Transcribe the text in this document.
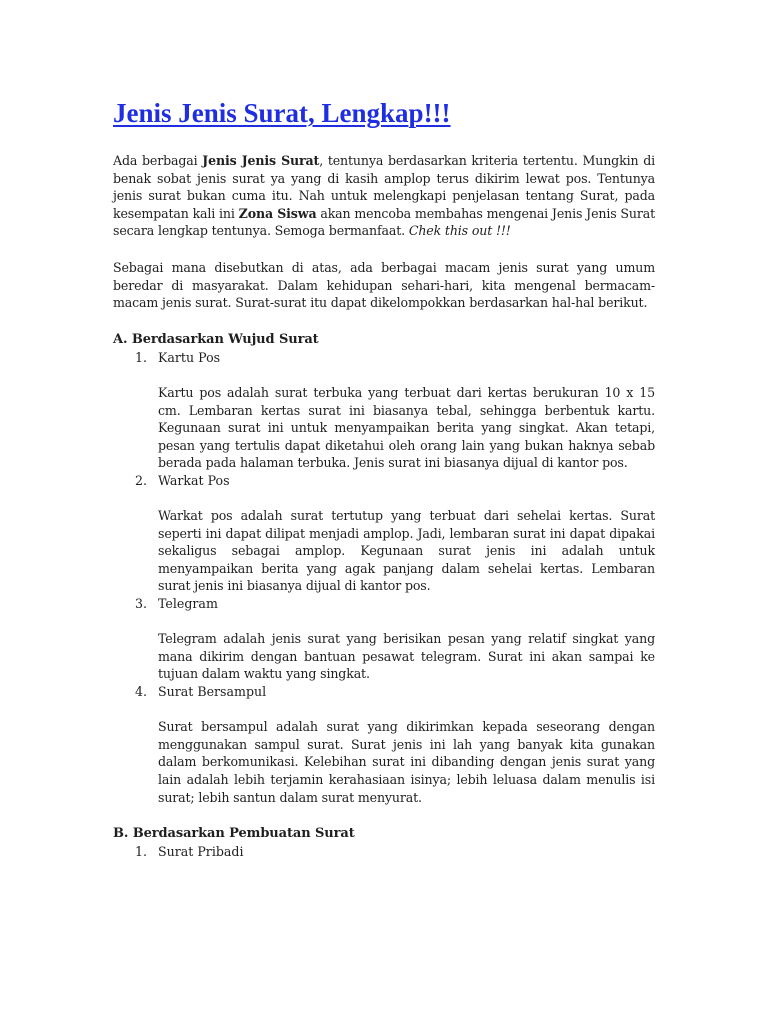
Jenis Jenis Surat, Lengkap!!!

Ada berbagai Jenis Jenis Surat, tentunya berdasarkan kriteria tertentu. Mungkin di benak sobat jenis surat ya yang di kasih amplop terus dikirim lewat pos. Tentunya jenis surat bukan cuma itu. Nah untuk melengkapi penjelasan tentang Surat, pada kesempatan kali ini Zona Siswa akan mencoba membahas mengenai Jenis Jenis Surat secara lengkap tentunya. Semoga bermanfaat. Chek this out !!!

Sebagai mana disebutkan di atas, ada berbagai macam jenis surat yang umum beredar di masyarakat. Dalam kehidupan sehari-hari, kita mengenal bermacam-macam jenis surat. Surat-surat itu dapat dikelompokkan berdasarkan hal-hal berikut.

A. Berdasarkan Wujud Surat
1. Kartu Pos

Kartu pos adalah surat terbuka yang terbuat dari kertas berukuran 10 x 15 cm. Lembaran kertas surat ini biasanya tebal, sehingga berbentuk kartu. Kegunaan surat ini untuk menyampaikan berita yang singkat. Akan tetapi, pesan yang tertulis dapat diketahui oleh orang lain yang bukan haknya sebab berada pada halaman terbuka. Jenis surat ini biasanya dijual di kantor pos.

2. Warkat Pos

Warkat pos adalah surat tertutup yang terbuat dari sehelai kertas. Surat seperti ini dapat dilipat menjadi amplop. Jadi, lembaran surat ini dapat dipakai sekaligus sebagai amplop. Kegunaan surat jenis ini adalah untuk menyampaikan berita yang agak panjang dalam sehelai kertas. Lembaran surat jenis ini biasanya dijual di kantor pos.

3. Telegram

Telegram adalah jenis surat yang berisikan pesan yang relatif singkat yang mana dikirim dengan bantuan pesawat telegram. Surat ini akan sampai ke tujuan dalam waktu yang singkat.

4. Surat Bersampul

Surat bersampul adalah surat yang dikirimkan kepada seseorang dengan menggunakan sampul surat. Surat jenis ini lah yang banyak kita gunakan dalam berkomunikasi. Kelebihan surat ini dibanding dengan jenis surat yang lain adalah lebih terjamin kerahasiaan isinya; lebih leluasa dalam menulis isi surat; lebih santun dalam surat menyurat.

B. Berdasarkan Pembuatan Surat
1. Surat Pribadi
